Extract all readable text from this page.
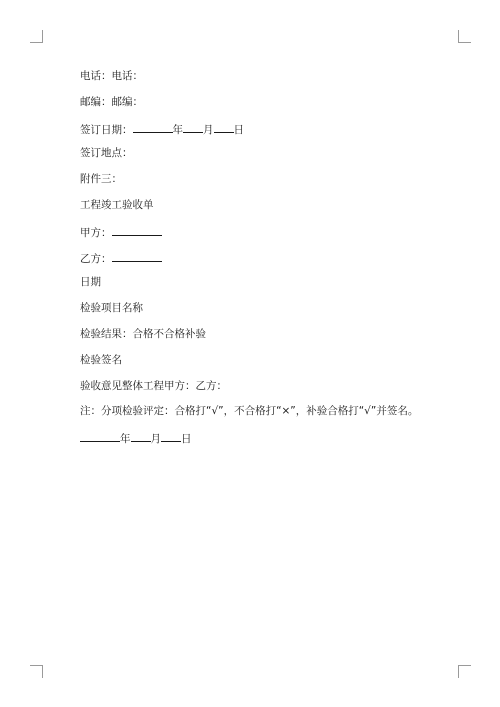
电话：电话：
邮编：邮编：
签订日期：	年 月 日
签订地点：
附件三：
工程竣工验收单
甲方：
乙方：
日期
检验项目名称
检验结果：合格不合格补验
检验签名
验收意见整体工程甲方：乙方：
注：分项检验评定：合格打“√”，不合格打“×”，补验合格打“√”并签名。
年 月 日
